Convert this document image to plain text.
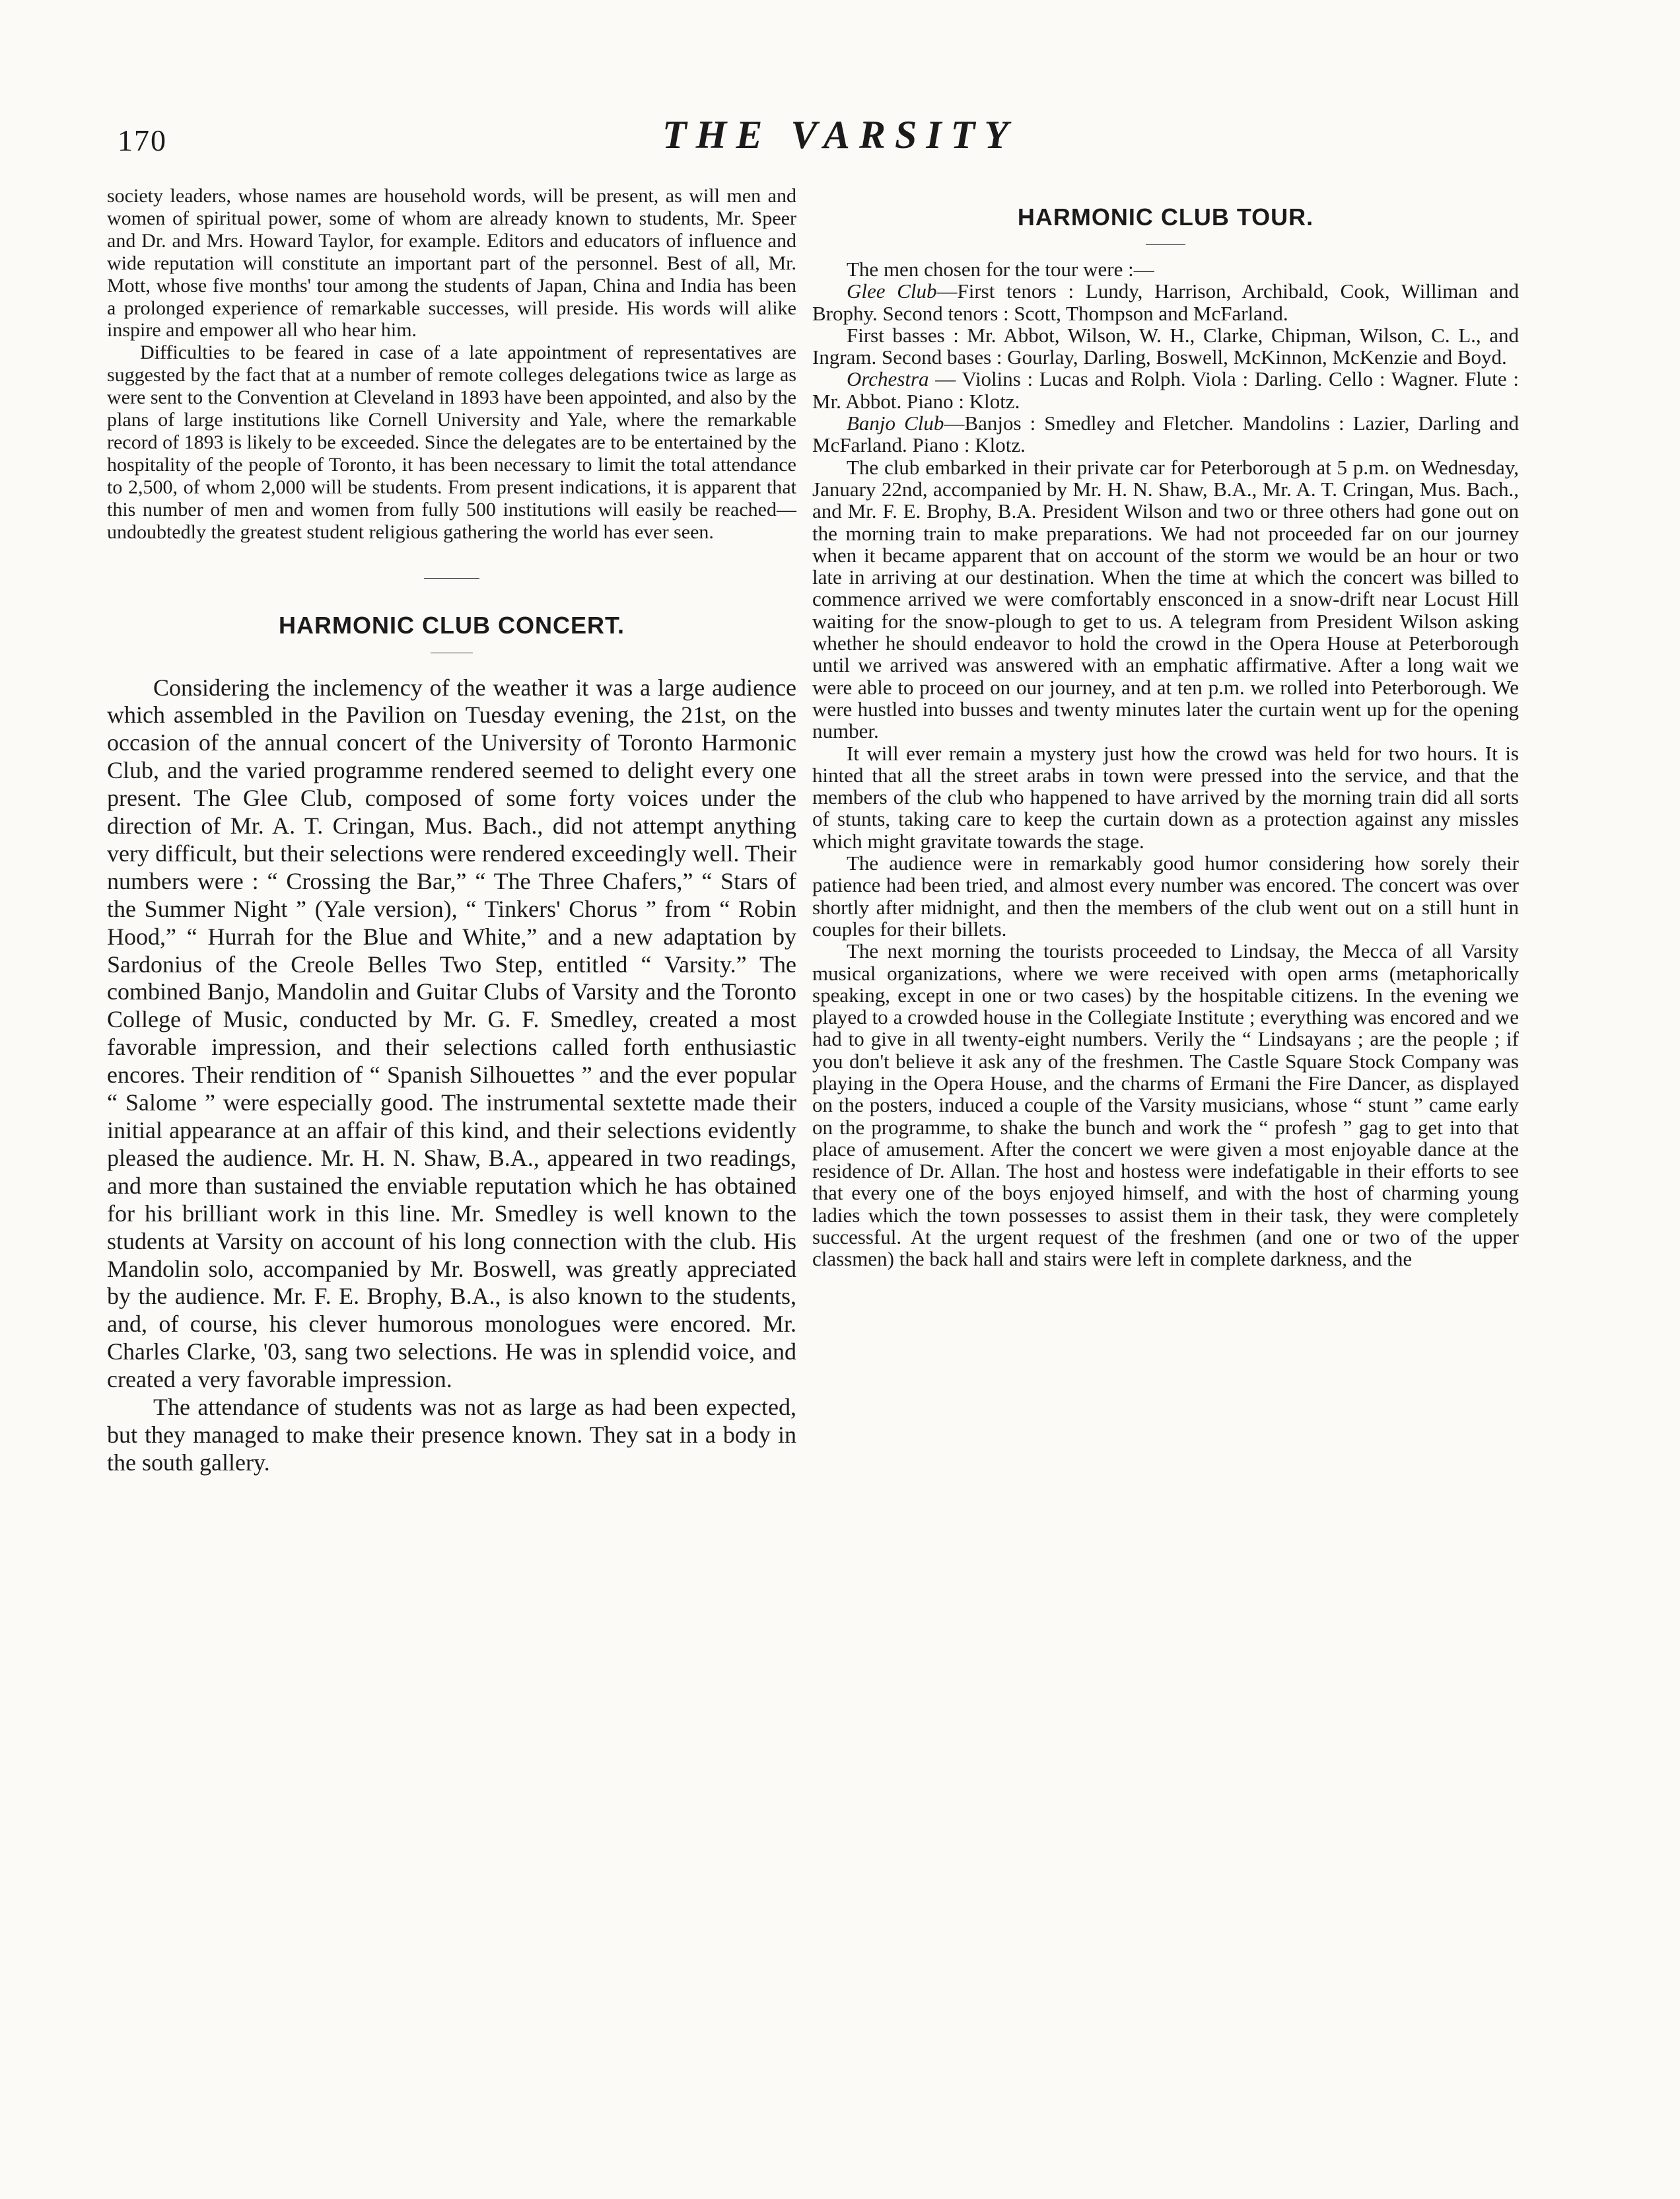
170	THE VARSITY

society leaders, whose names are household words, will be present, as will men and women of spiritual power, some of whom are already known to students, Mr. Speer and Dr. and Mrs. Howard Taylor, for example. Editors and educators of influence and wide reputation will constitute an important part of the personnel. Best of all, Mr. Mott, whose five months' tour among the students of Japan, China and India has been a prolonged experience of remarkable successes, will preside. His words will alike inspire and empower all who hear him.

Difficulties to be feared in case of a late appointment of representatives are suggested by the fact that at a number of remote colleges delegations twice as large as were sent to the Convention at Cleveland in 1893 have been appointed, and also by the plans of large institutions like Cornell University and Yale, where the remarkable record of 1893 is likely to be exceeded. Since the delegates are to be entertained by the hospitality of the people of Toronto, it has been necessary to limit the total attendance to 2,500, of whom 2,000 will be students. From present indications, it is apparent that this number of men and women from fully 500 institutions will easily be reached—undoubtedly the greatest student religious gathering the world has ever seen.

HARMONIC CLUB CONCERT.

Considering the inclemency of the weather it was a large audience which assembled in the Pavilion on Tuesday evening, the 21st, on the occasion of the annual concert of the University of Toronto Harmonic Club, and the varied programme rendered seemed to delight every one present. The Glee Club, composed of some forty voices under the direction of Mr. A. T. Cringan, Mus. Bach., did not attempt anything very difficult, but their selections were rendered exceedingly well. Their numbers were : “ Crossing the Bar,” “ The Three Chafers,” “ Stars of the Summer Night ” (Yale version), “ Tinkers' Chorus ” from “ Robin Hood,” “ Hurrah for the Blue and White,” and a new adaptation by Sardonius of the Creole Belles Two Step, entitled “ Varsity.” The combined Banjo, Mandolin and Guitar Clubs of Varsity and the Toronto College of Music, conducted by Mr. G. F. Smedley, created a most favorable impression, and their selections called forth enthusiastic encores. Their rendition of “ Spanish Silhouettes ” and the ever popular “ Salome ” were especially good. The instrumental sextette made their initial appearance at an affair of this kind, and their selections evidently pleased the audience. Mr. H. N. Shaw, B.A., appeared in two readings, and more than sustained the enviable reputation which he has obtained for his brilliant work in this line. Mr. Smedley is well known to the students at Varsity on account of his long connection with the club. His Mandolin solo, accompanied by Mr. Boswell, was greatly appreciated by the audience. Mr. F. E. Brophy, B.A., is also known to the students, and, of course, his clever humorous monologues were encored. Mr. Charles Clarke, '03, sang two selections. He was in splendid voice, and created a very favorable impression.

The attendance of students was not as large as had been expected, but they managed to make their presence known. They sat in a body in the south gallery.

HARMONIC CLUB TOUR.

The men chosen for the tour were :—

Glee Club—First tenors : Lundy, Harrison, Archibald, Cook, Williman and Brophy. Second tenors : Scott, Thompson and McFarland.

First basses : Mr. Abbot, Wilson, W. H., Clarke, Chipman, Wilson, C. L., and Ingram. Second bases : Gourlay, Darling, Boswell, McKinnon, McKenzie and Boyd.

Orchestra — Violins : Lucas and Rolph. Viola : Darling. Cello : Wagner. Flute : Mr. Abbot. Piano : Klotz.

Banjo Club—Banjos : Smedley and Fletcher. Mandolins : Lazier, Darling and McFarland. Piano : Klotz.

The club embarked in their private car for Peterborough at 5 p.m. on Wednesday, January 22nd, accompanied by Mr. H. N. Shaw, B.A., Mr. A. T. Cringan, Mus. Bach., and Mr. F. E. Brophy, B.A. President Wilson and two or three others had gone out on the morning train to make preparations. We had not proceeded far on our journey when it became apparent that on account of the storm we would be an hour or two late in arriving at our destination. When the time at which the concert was billed to commence arrived we were comfortably ensconced in a snow-drift near Locust Hill waiting for the snow-plough to get to us. A telegram from President Wilson asking whether he should endeavor to hold the crowd in the Opera House at Peterborough until we arrived was answered with an emphatic affirmative. After a long wait we were able to proceed on our journey, and at ten p.m. we rolled into Peterborough. We were hustled into busses and twenty minutes later the curtain went up for the opening number.

It will ever remain a mystery just how the crowd was held for two hours. It is hinted that all the street arabs in town were pressed into the service, and that the members of the club who happened to have arrived by the morning train did all sorts of stunts, taking care to keep the curtain down as a protection against any missles which might gravitate towards the stage.

The audience were in remarkably good humor considering how sorely their patience had been tried, and almost every number was encored. The concert was over shortly after midnight, and then the members of the club went out on a still hunt in couples for their billets.

The next morning the tourists proceeded to Lindsay, the Mecca of all Varsity musical organizations, where we were received with open arms (metaphorically speaking, except in one or two cases) by the hospitable citizens. In the evening we played to a crowded house in the Collegiate Institute ; everything was encored and we had to give in all twenty-eight numbers. Verily the “ Lindsayans ; are the people ; if you don't believe it ask any of the freshmen. The Castle Square Stock Company was playing in the Opera House, and the charms of Ermani the Fire Dancer, as displayed on the posters, induced a couple of the Varsity musicians, whose “ stunt ” came early on the programme, to shake the bunch and work the “ profesh ” gag to get into that place of amusement. After the concert we were given a most enjoyable dance at the residence of Dr. Allan. The host and hostess were indefatigable in their efforts to see that every one of the boys enjoyed himself, and with the host of charming young ladies which the town possesses to assist them in their task, they were completely successful. At the urgent request of the freshmen (and one or two of the upper classmen) the back hall and stairs were left in complete darkness, and the
